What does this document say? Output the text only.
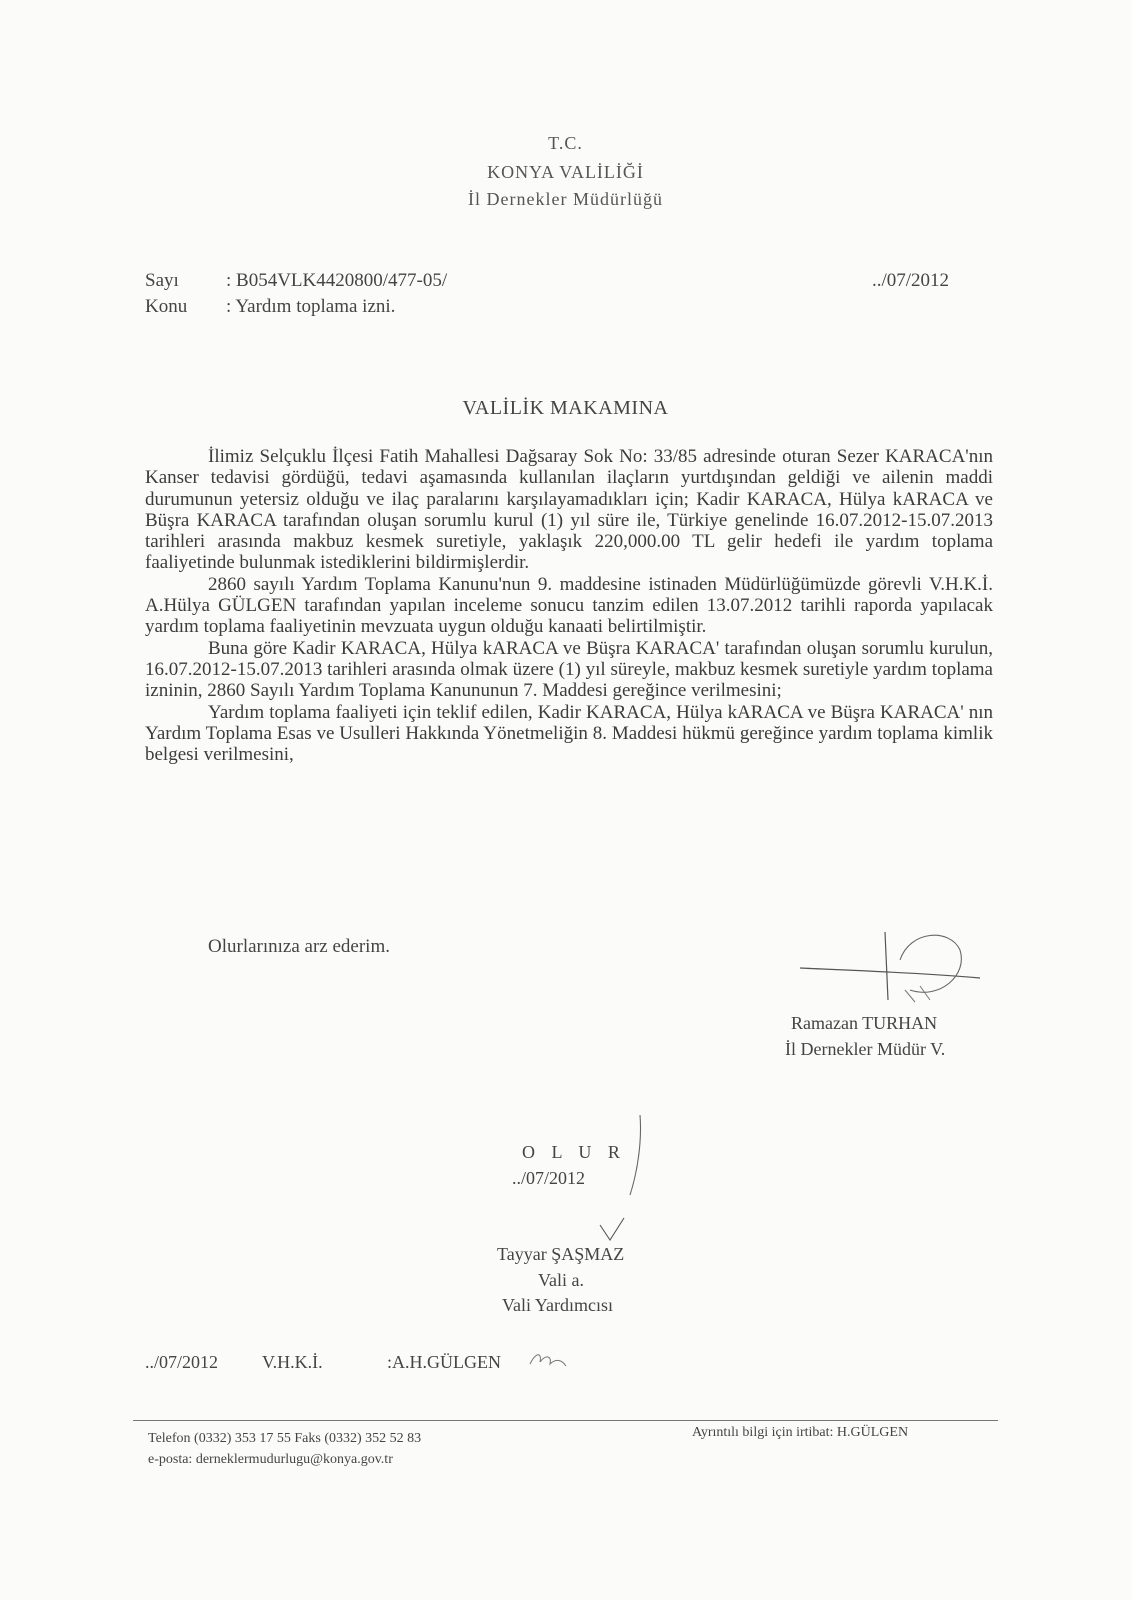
T.C.
KONYA VALİLİĞİ
İl Dernekler Müdürlüğü
Sayı : B054VLK4420800/477-05/
Konu : Yardım toplama izni.
../07/2012
VALİLİK MAKAMINA

İlimiz Selçuklu İlçesi Fatih Mahallesi Dağsaray Sok No: 33/85 adresinde oturan Sezer KARACA'nın Kanser tedavisi gördüğü, tedavi aşamasında kullanılan ilaçların yurtdışından geldiği ve ailenin maddi durumunun yetersiz olduğu ve ilaç paralarını karşılayamadıkları için; Kadir KARACA, Hülya kARACA ve Büşra KARACA tarafından oluşan sorumlu kurul (1) yıl süre ile, Türkiye genelinde 16.07.2012-15.07.2013 tarihleri arasında makbuz kesmek suretiyle, yaklaşık 220,000.00 TL gelir hedefi ile yardım toplama faaliyetinde bulunmak istediklerini bildirmişlerdir.

2860 sayılı Yardım Toplama Kanunu'nun 9. maddesine istinaden Müdürlüğümüzde görevli V.H.K.İ. A.Hülya GÜLGEN tarafından yapılan inceleme sonucu tanzim edilen 13.07.2012 tarihli raporda yapılacak yardım toplama faaliyetinin mevzuata uygun olduğu kanaati belirtilmiştir.

Buna göre Kadir KARACA, Hülya kARACA ve Büşra KARACA' tarafından oluşan sorumlu kurulun, 16.07.2012-15.07.2013 tarihleri arasında olmak üzere (1) yıl süreyle, makbuz kesmek suretiyle yardım toplama izninin, 2860 Sayılı Yardım Toplama Kanununun 7. Maddesi gereğince verilmesini;

Yardım toplama faaliyeti için teklif edilen, Kadir KARACA, Hülya kARACA ve Büşra KARACA' nın Yardım Toplama Esas ve Usulleri Hakkında Yönetmeliğin 8. Maddesi hükmü gereğince yardım toplama kimlik belgesi verilmesini,

Olurlarınıza arz ederim.
Ramazan TURHAN
İl Dernekler Müdür V.
O L U R
../07/2012
Tayyar ŞAŞMAZ
Vali a.
Vali Yardımcısı
../07/2012 V.H.K.İ.	:A.H.GÜLGEN
Telefon (0332) 353 17 55 Faks (0332) 352 52 83
e-posta: derneklermudurlugu@konya.gov.tr
Ayrıntılı bilgi için irtibat: H.GÜLGEN
